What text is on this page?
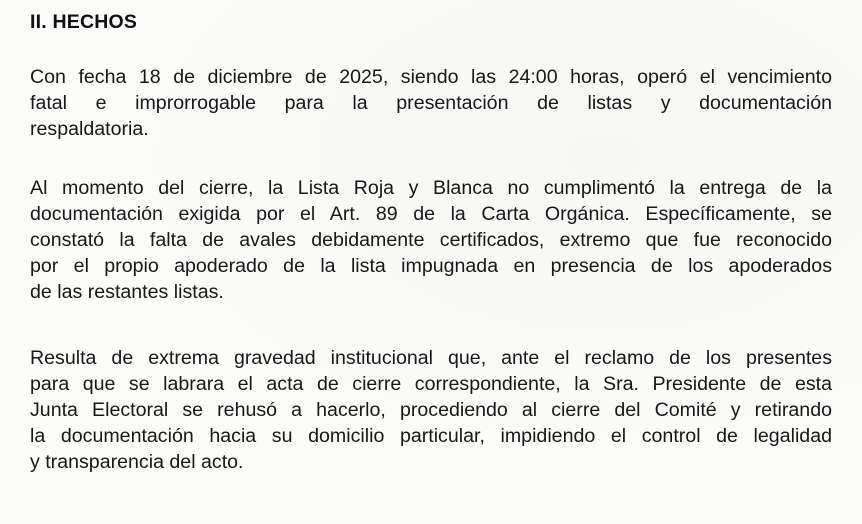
II. HECHOS

Con fecha 18 de diciembre de 2025, siendo las 24:00 horas, operó el vencimiento
fatal e improrrogable para la presentación de listas y documentación
respaldatoria.

Al momento del cierre, la Lista Roja y Blanca no cumplimentó la entrega de la
documentación exigida por el Art. 89 de la Carta Orgánica. Específicamente, se
constató la falta de avales debidamente certificados, extremo que fue reconocido
por el propio apoderado de la lista impugnada en presencia de los apoderados
de las restantes listas.

Resulta de extrema gravedad institucional que, ante el reclamo de los presentes
para que se labrara el acta de cierre correspondiente, la Sra. Presidente de esta
Junta Electoral se rehusó a hacerlo, procediendo al cierre del Comité y retirando
la documentación hacia su domicilio particular, impidiendo el control de legalidad
y transparencia del acto.
